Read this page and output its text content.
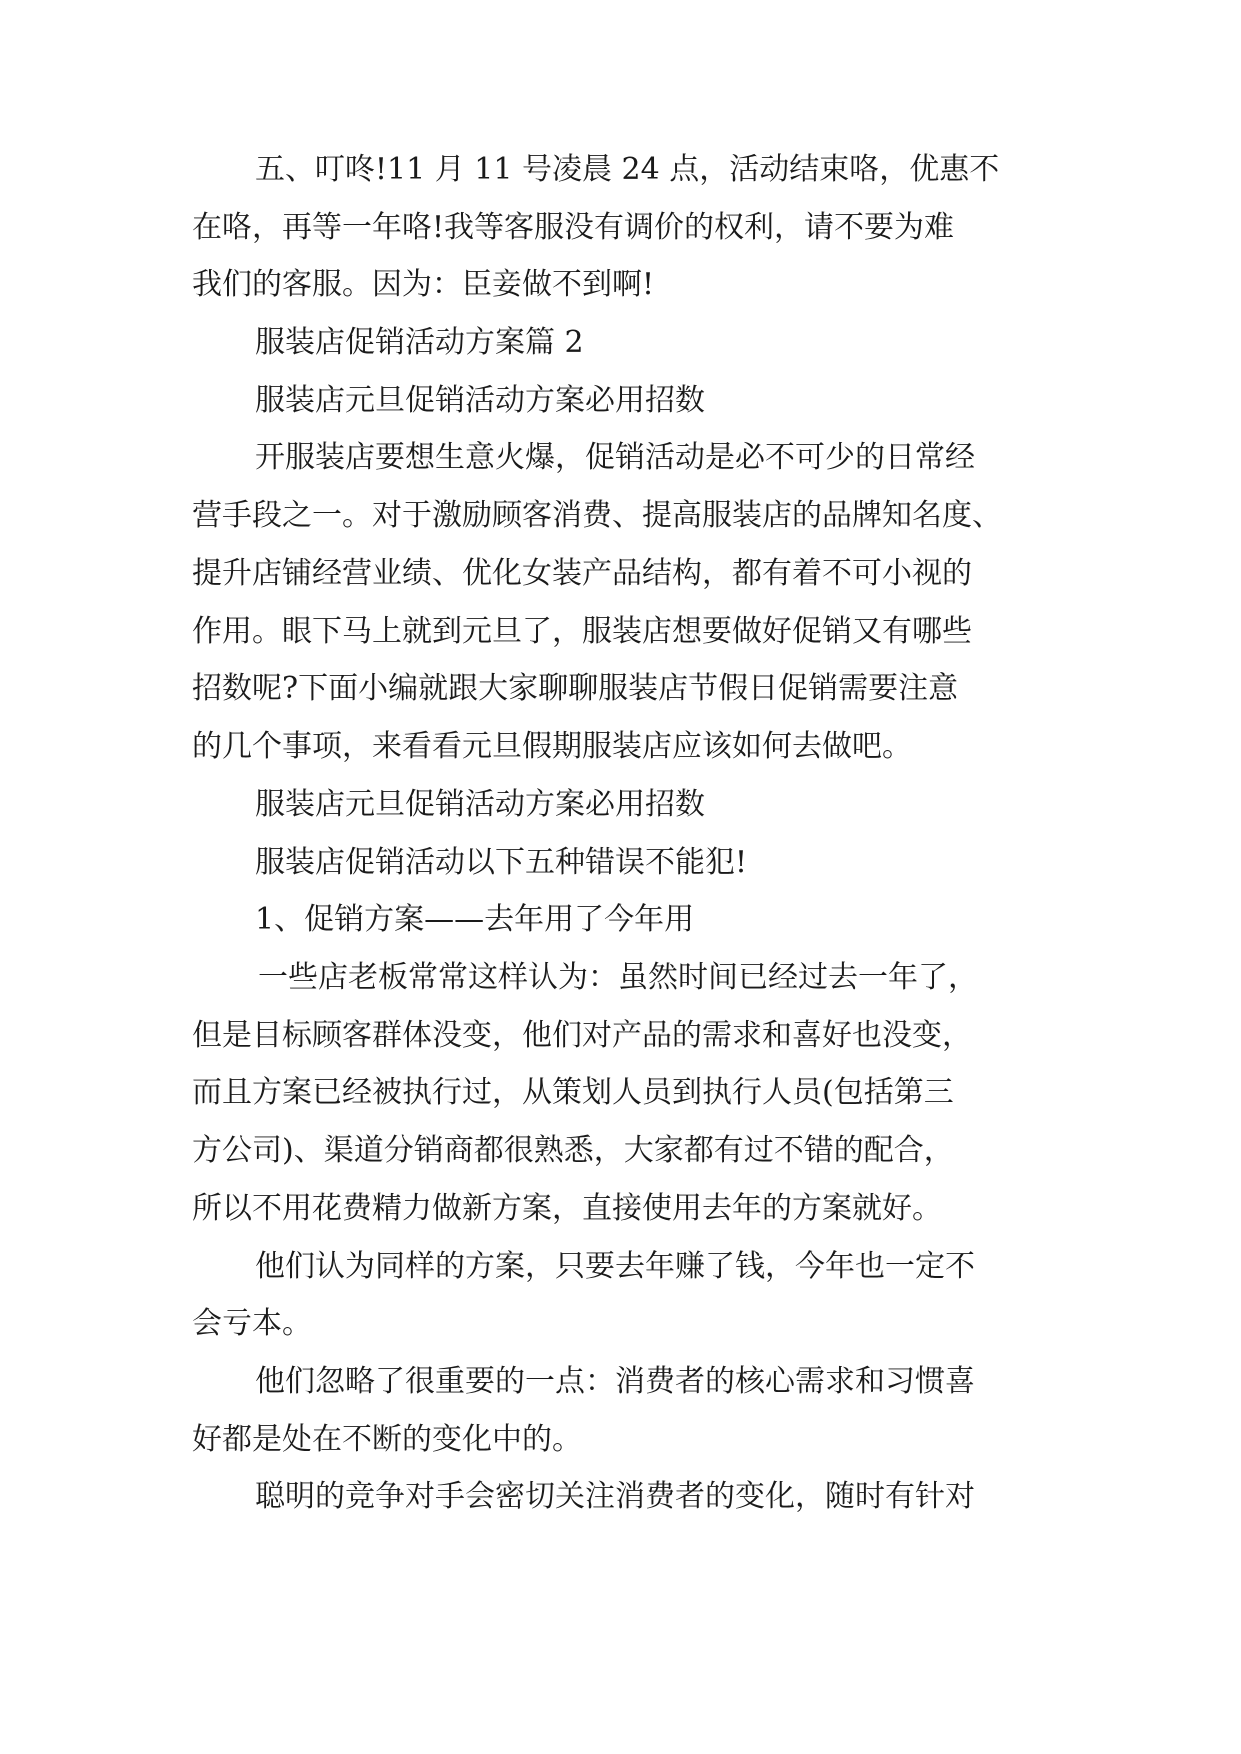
五、叮咚!11 月 11 号凌晨 24 点，活动结束咯，优惠不
在咯，再等一年咯!我等客服没有调价的权利，请不要为难
我们的客服。因为：臣妾做不到啊!
服装店促销活动方案篇 2
服装店元旦促销活动方案必用招数
开服装店要想生意火爆，促销活动是必不可少的日常经
营手段之一。对于激励顾客消费、提高服装店的品牌知名度、
提升店铺经营业绩、优化女装产品结构，都有着不可小视的
作用。眼下马上就到元旦了，服装店想要做好促销又有哪些
招数呢?下面小编就跟大家聊聊服装店节假日促销需要注意
的几个事项，来看看元旦假期服装店应该如何去做吧。
服装店元旦促销活动方案必用招数
服装店促销活动以下五种错误不能犯!
1、促销方案——去年用了今年用
一些店老板常常这样认为：虽然时间已经过去一年了，
但是目标顾客群体没变，他们对产品的需求和喜好也没变，
而且方案已经被执行过，从策划人员到执行人员(包括第三
方公司)、渠道分销商都很熟悉，大家都有过不错的配合，
所以不用花费精力做新方案，直接使用去年的方案就好。
他们认为同样的方案，只要去年赚了钱，今年也一定不
会亏本。
他们忽略了很重要的一点：消费者的核心需求和习惯喜
好都是处在不断的变化中的。
聪明的竞争对手会密切关注消费者的变化，随时有针对
